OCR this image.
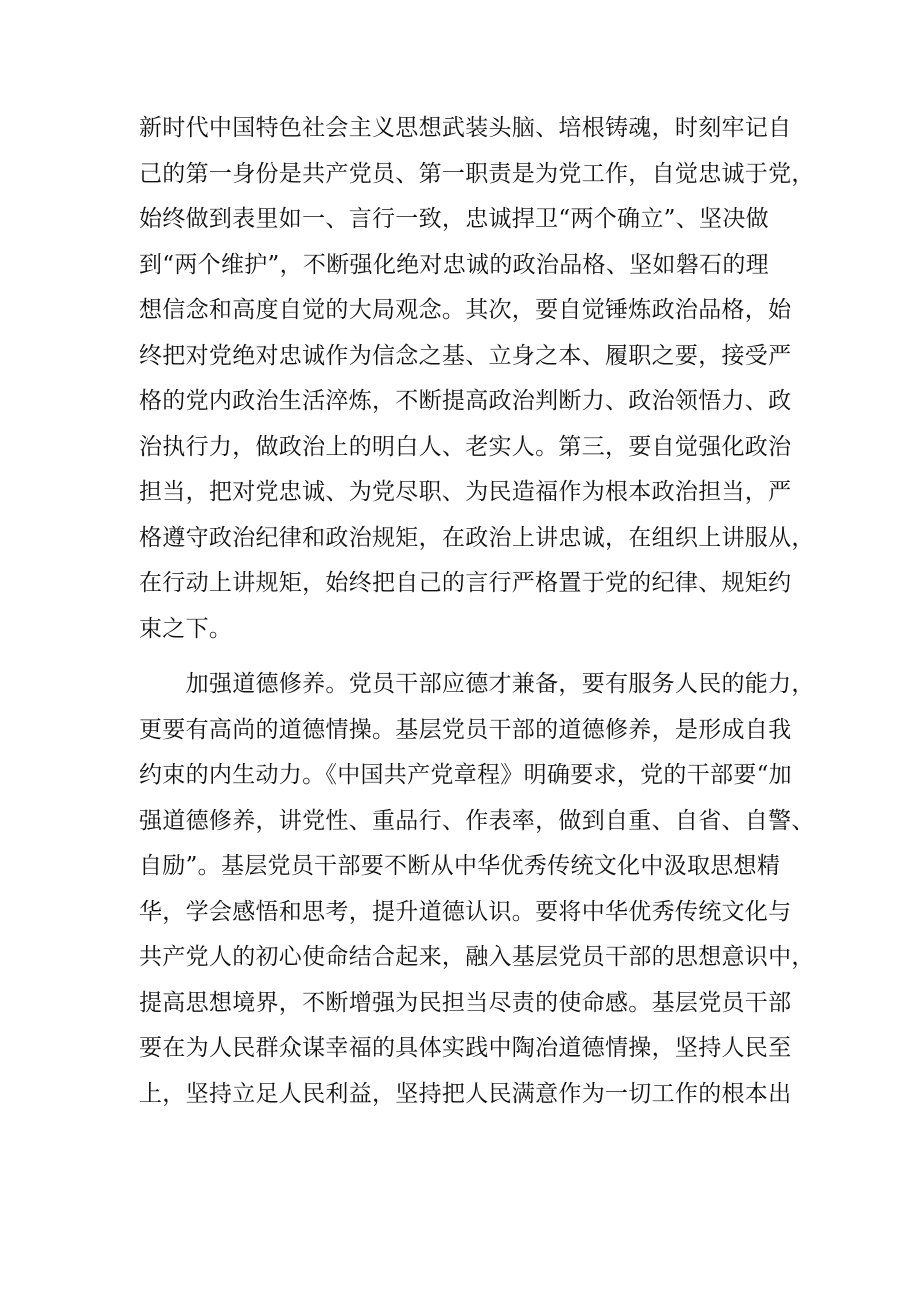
新时代中国特色社会主义思想武装头脑、培根铸魂，时刻牢记自
己的第一身份是共产党员、第一职责是为党工作，自觉忠诚于党，
始终做到表里如一、言行一致，忠诚捍卫“两个确立”、坚决做
到“两个维护”，不断强化绝对忠诚的政治品格、坚如磐石的理
想信念和高度自觉的大局观念。其次，要自觉锤炼政治品格，始
终把对党绝对忠诚作为信念之基、立身之本、履职之要，接受严
格的党内政治生活淬炼，不断提高政治判断力、政治领悟力、政
治执行力，做政治上的明白人、老实人。第三，要自觉强化政治
担当，把对党忠诚、为党尽职、为民造福作为根本政治担当，严
格遵守政治纪律和政治规矩，在政治上讲忠诚，在组织上讲服从，
在行动上讲规矩，始终把自己的言行严格置于党的纪律、规矩约
束之下。
　　加强道德修养。党员干部应德才兼备，要有服务人民的能力，
更要有高尚的道德情操。基层党员干部的道德修养，是形成自我
约束的内生动力。《中国共产党章程》明确要求，党的干部要“加
强道德修养，讲党性、重品行、作表率，做到自重、自省、自警、
自励”。基层党员干部要不断从中华优秀传统文化中汲取思想精
华，学会感悟和思考，提升道德认识。要将中华优秀传统文化与
共产党人的初心使命结合起来，融入基层党员干部的思想意识中，
提高思想境界，不断增强为民担当尽责的使命感。基层党员干部
要在为人民群众谋幸福的具体实践中陶冶道德情操，坚持人民至
上，坚持立足人民利益，坚持把人民满意作为一切工作的根本出
